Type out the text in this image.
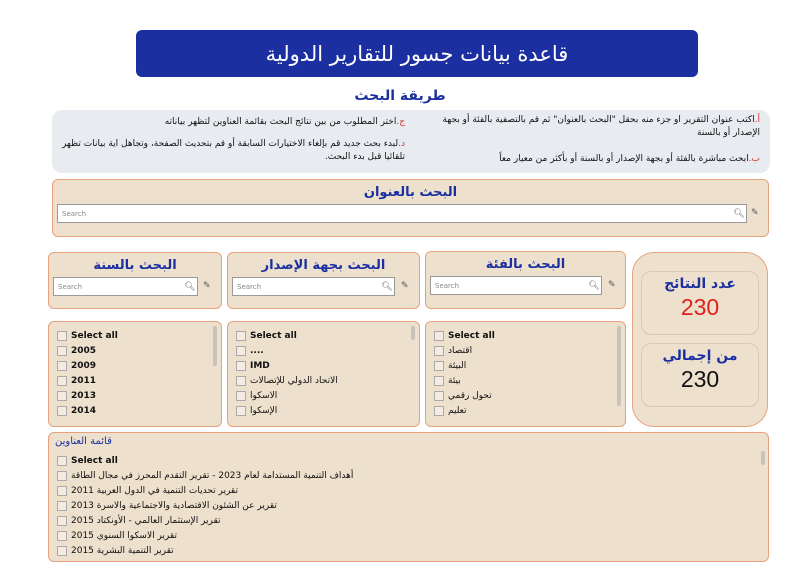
قاعدة بيانات جسور للتقارير الدولية
طريقة البحث
أ.اكتب عنوان التقرير او جزء منه بحقل "البحث بالعنوان" ثم قم بالتصفية بالفئة أو بجهة الإصدار أو بالسنة
ب.ابحث مباشرة بالفئة أو بجهة الإصدار أو بالسنة أو بأكثر من معيار معاً
ج.اختر المطلوب من بين نتائج البحث بقائمة العناوين لتظهر بياناته
د.لبدء بحث جديد قم بإلغاء الاختيارات السابقة أو قم بتحديث الصفحة، وتجاهل اية بيانات تظهر تلقائيا قبل بدء البحث.
البحث بالعنوان
Search	🔍︎ ✎
البحث بالسنة
Search	🔍︎ ✎
البحث بجهة الإصدار
Search	🔍︎ ✎
البحث بالفئة
Search	🔍︎ ✎
Select all
2005
2009
2011
2013
2014
Select all
....
IMD
الاتحاد الدولي للإتصالات
الاسكوا
الإسكوا
Select all
اقتصاد
البيئة
بيئة
تحول رقمي
تعليم
عدد النتائج
230
من إجمالي
230
قائمة العناوين
Select all
أهداف التنمية المستدامة لعام 2023 - تقرير التقدم المحرز في مجال الطاقة
تقرير تحديات التنمية في الدول العربية 2011
تقرير عن الشئون الاقتصادية والاجتماعية والاسرة 2013
تقرير الإستثمار العالمي - الأونكتاد 2015
تقرير الاسكوا السنوي 2015
تقرير التنمية البشرية 2015
